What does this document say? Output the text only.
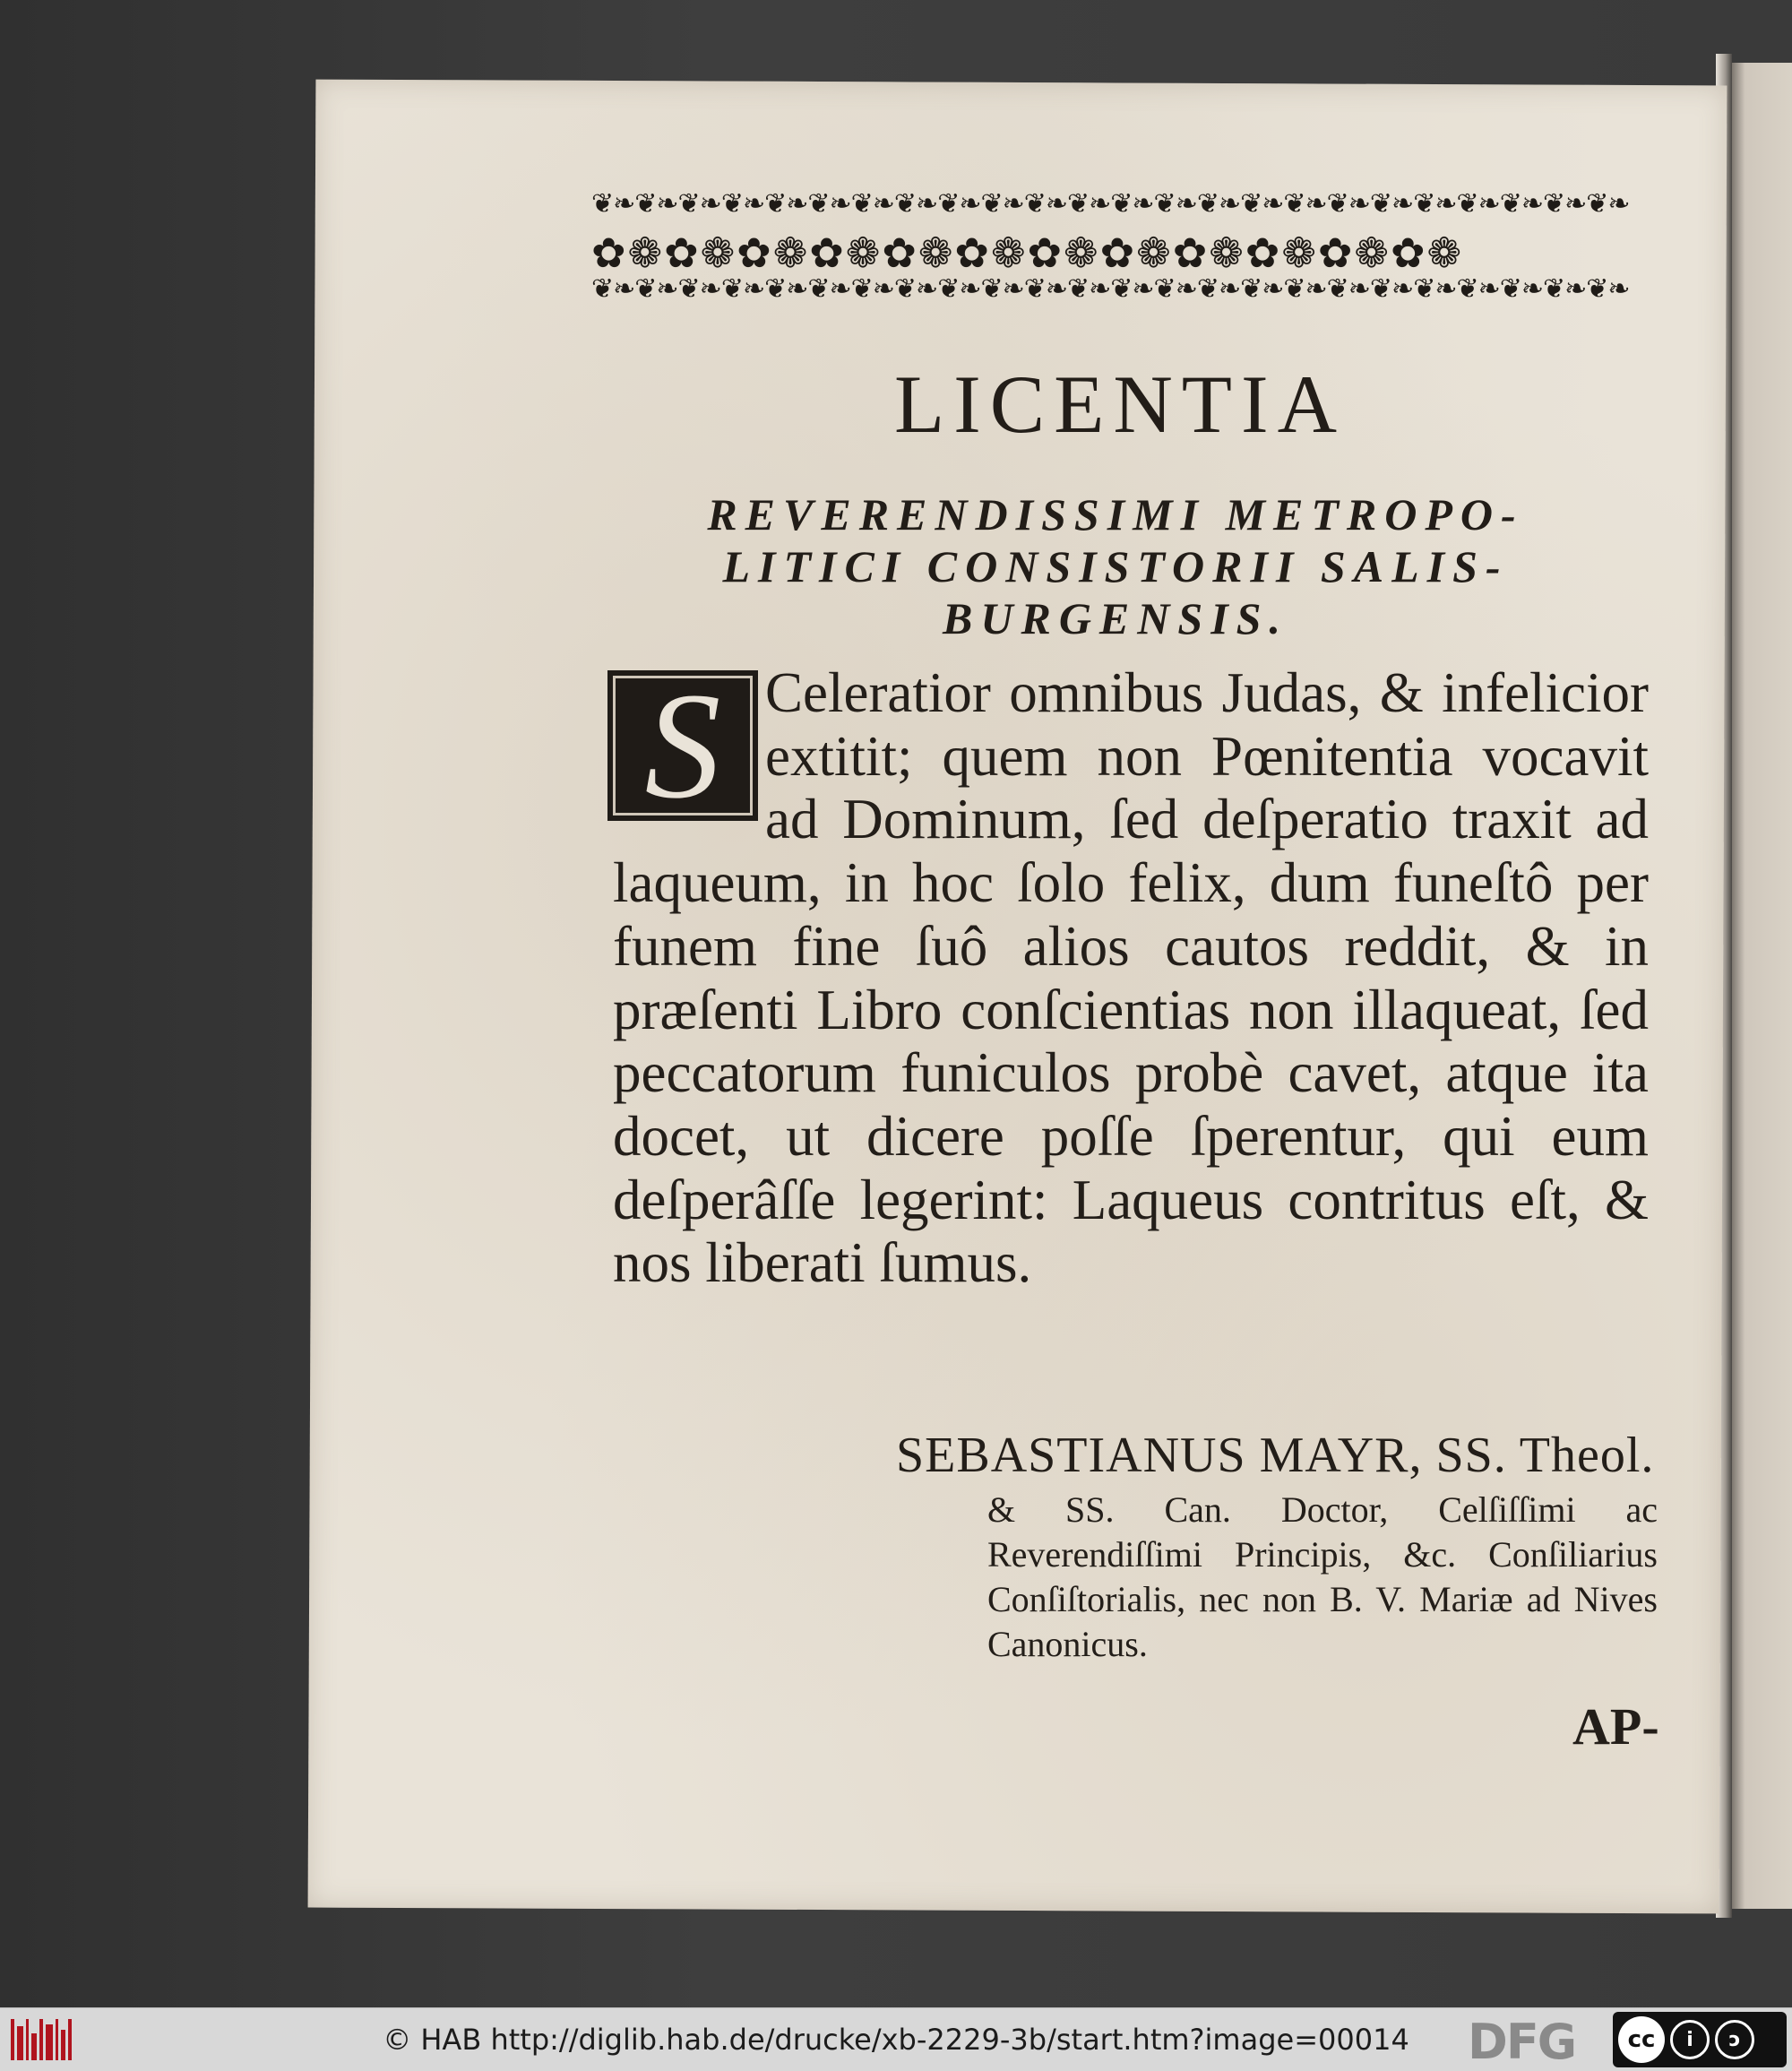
❦❧❦❧❦❧❦❧❦❧❦❧❦❧❦❧❦❧❦❧❦❧❦❧❦❧❦❧❦❧❦❧❦❧❦❧❦❧❦❧❦❧❦❧❦❧❦❧
✿❁✿❁✿❁✿❁✿❁✿❁✿❁✿❁✿❁✿❁✿❁✿❁
❦❧❦❧❦❧❦❧❦❧❦❧❦❧❦❧❦❧❦❧❦❧❦❧❦❧❦❧❦❧❦❧❦❧❦❧❦❧❦❧❦❧❦❧❦❧❦❧
LICENTIA
REVERENDISSIMI METROPO-
LITICI CONSISTORII SALIS-
BURGENSIS.
Celeratior omnibus Judas, & infelicior extitit; quem non Pœnitentia vocavit ad Dominum, ſed deſperatio traxit ad laqueum, in hoc ſolo felix, dum funeſtô per funem fine ſuô alios cautos reddit, & in præſenti Libro conſcientias non illaqueat, ſed peccatorum funiculos probè cavet, atque ita docet, ut dicere poſſe ſperentur, qui eum deſperâſſe legerint: Laqueus contritus eſt, & nos liberati ſumus.
S
SEBASTIANUS MAYR, SS. Theol.
& SS. Can. Doctor, Celſiſſimi ac Reverendiſſimi Principis, &c. Conſiliarius Conſiſtorialis, nec non B. V. Mariæ ad Nives Canonicus.
AP-
© HAB http://diglib.hab.de/drucke/xb-2229-3b/start.htm?image=00014	DFG	cc	i	ↄ
